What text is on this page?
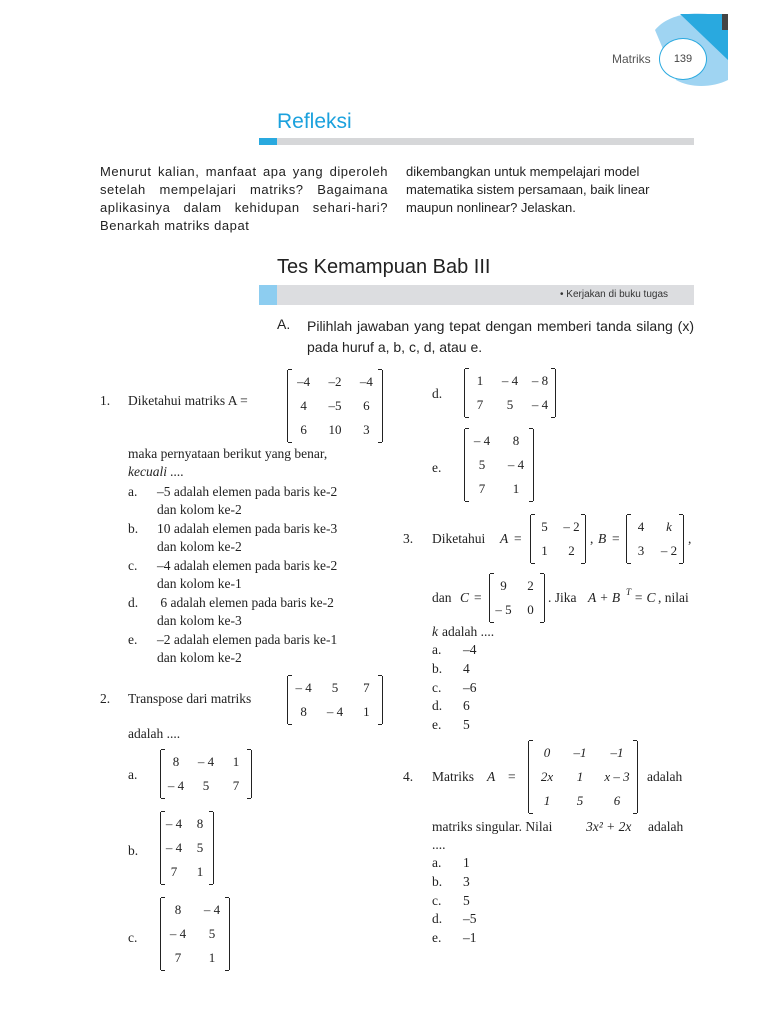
Matriks	139
Refleksi
Menurut kalian, manfaat apa yang diperoleh setelah mempelajari matriks? Bagaimana aplikasinya dalam kehidupan sehari-hari? Benarkah matriks dapat
dikembangkan untuk mempelajari model matematika sistem persamaan, baik linear maupun nonlinear? Jelaskan.
Tes Kemampuan Bab III
• Kerjakan di buku tugas
A. Pilihlah jawaban yang tepat dengan memberi tanda silang (x) pada huruf a, b, c, d, atau e.
1. Diketahui matriks A =
–4	–2	–4
4	–5	6
6	10	3
maka pernyataan berikut yang benar,
kecuali ....
a. –5 adalah elemen pada baris ke-2
dan kolom ke-2
b. 10 adalah elemen pada baris ke-3
dan kolom ke-2
c. –4 adalah elemen pada baris ke-2
dan kolom ke-1
d. 6 adalah elemen pada baris ke-2
dan kolom ke-3
e. –2 adalah elemen pada baris ke-1
dan kolom ke-2
2. Transpose dari matriks
– 4	5	7
8	– 4	1
adalah ....
a.
8	– 4	1
– 4	5	7
b.
– 4	8
– 4	5
7	1
c.
8	– 4
– 4	5
7	1
d.
1	– 4	– 8
7	5	– 4
e.
– 4	8
5	– 4
7	1
3. Diketahui A =
5	– 2
1	2
, B =
4	k
3	– 2
,
dan C =
9	2
– 5	0
. Jika A + B T = C , nilai
k adalah ....
a. –4
b. 4
c. –6
d. 6
e. 5
4. Matriks A =
0	–1	–1
2x	1	x – 3
1	5	6
adalah
matriks singular. Nilai 3x² + 2x adalah
....
a. 1
b. 3
c. 5
d. –5
e. –1
